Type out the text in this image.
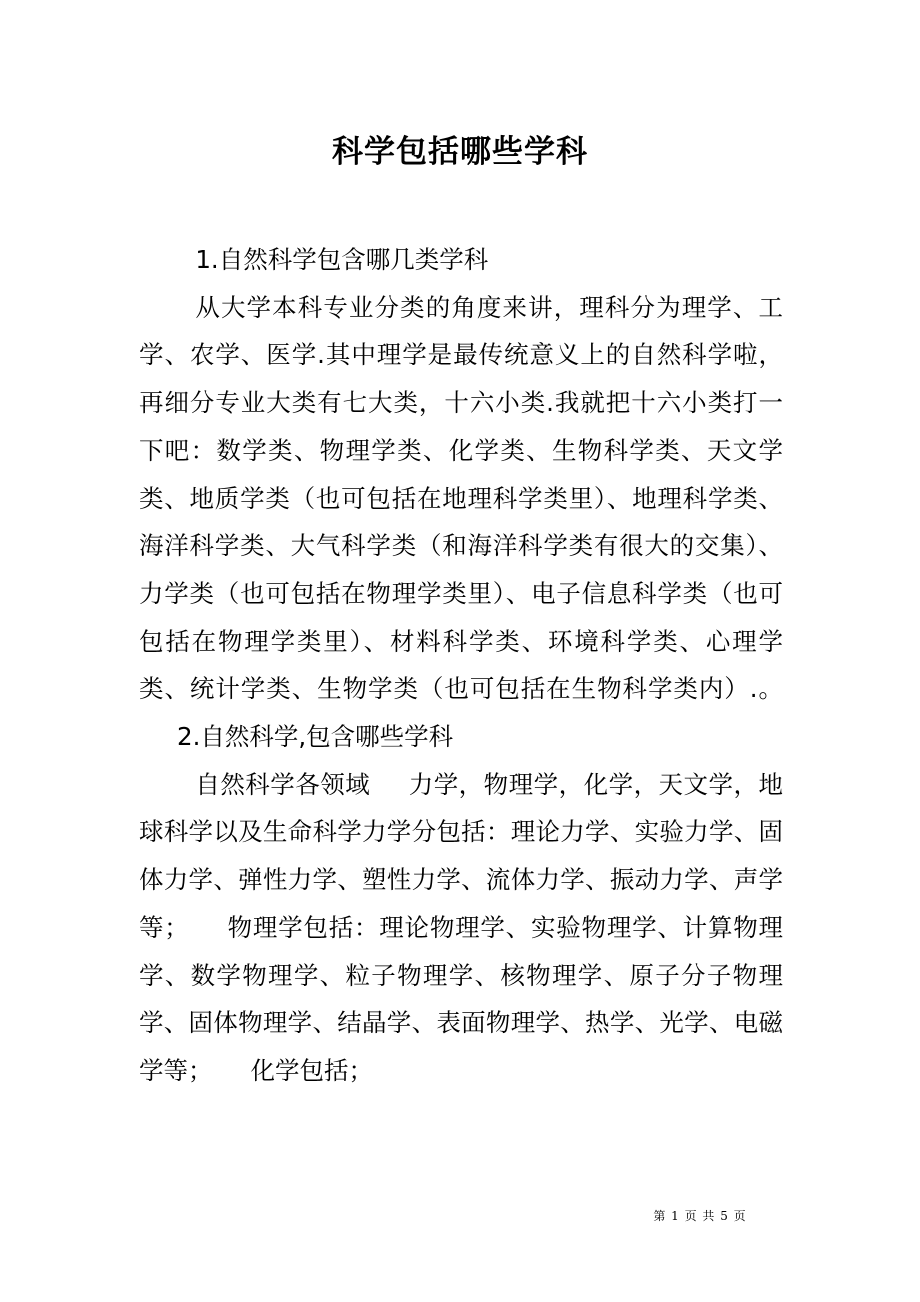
科学包括哪些学科

1.自然科学包含哪几类学科

从大学本科专业分类的角度来讲，理科分为理学、工学、农学、医学.其中理学是最传统意义上的自然科学啦，再细分专业大类有七大类，十六小类.我就把十六小类打一下吧：数学类、物理学类、化学类、生物科学类、天文学类、地质学类（也可包括在地理科学类里）、地理科学类、海洋科学类、大气科学类（和海洋科学类有很大的交集）、力学类（也可包括在物理学类里）、电子信息科学类（也可包括在物理学类里）、材料科学类、环境科学类、心理学类、统计学类、生物学类（也可包括在生物科学类内）.。2.自然科学,包含哪些学科

自然科学各领域 力学，物理学，化学，天文学，地球科学以及生命科学力学分包括：理论力学、实验力学、固体力学、弹性力学、塑性力学、流体力学、振动力学、声学等； 物理学包括：理论物理学、实验物理学、计算物理学、数学物理学、粒子物理学、核物理学、原子分子物理学、固体物理学、结晶学、表面物理学、热学、光学、电磁学等； 化学包括；

第 1 页 共 5 页
